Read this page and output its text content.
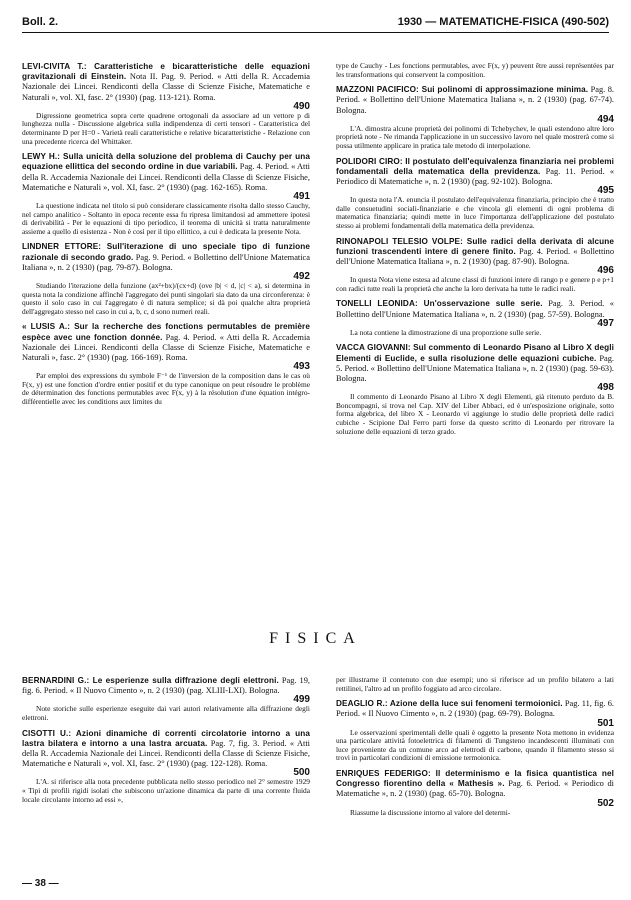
Boll. 2.	1930 — MATEMATICHE-FISICA (490-502)
LEVI-CIVITA T.: Caratteristiche e bicaratteristiche delle equazioni gravitazionali di Einstein. Nota II. Pag. 9. Period. « Atti della R. Accademia Nazionale dei Lincei. Rendiconti della Classe di Scienze Fisiche, Matematiche e Naturali », vol. XI, fasc. 2° (1930) (pag. 113-121). Roma.
490
Digressione geometrica sopra certe quadrene ortogonali da associare ad un vettore p di lunghezza nulla - Discussione algebrica sulla indipendenza di certi tensori - Caratteristica del determinante D per H=0 - Varietà reali caratteristiche e relative bicaratteristiche - Relazione con una precedente ricerca del Whittaker.
LEWY H.: Sulla unicità della soluzione del problema di Cauchy per una equazione ellittica del secondo ordine in due variabili. Pag. 4. Period. « Atti della R. Accademia Nazionale dei Lincei. Rendiconti della Classe di Scienze Fisiche, Matematiche e Naturali », vol. XI, fasc. 2° (1930) (pag. 162-165). Roma.
491
La questione indicata nel titolo si può considerare classicamente risolta dallo stesso Cauchy, nel campo analitico - Soltanto in epoca recente essa fu ripresa limitandosi ad ammettere ipotesi di derivabilità - Per le equazioni di tipo periodico, il teorema di unicità si tratta naturalmente assieme a quello di esistenza - Non è così per il tipo ellittico, a cui è dedicata la presente Nota.
LINDNER ETTORE: Sull'iterazione di uno speciale tipo di funzione razionale di secondo grado. Pag. 9. Period. « Bollettino dell'Unione Matematica Italiana », n. 2 (1930) (pag. 79-87). Bologna.
492
Studiando l'iterazione della funzione (ax²+bx)/(cx+d) (ove |b| < d, |c| < a), si determina in questa nota la condizione affinchè l'aggregato dei punti singolari sia dato da una circonferenza: è questo il solo caso in cui l'aggregato è di natura semplice; si dà poi qualche altra proprietà dell'aggregato stesso nel caso in cui a, b, c, d sono numeri reali.
« LUSIS A.: Sur la recherche des fonctions permutables de première espèce avec une fonction donnée. Pag. 4. Period. « Atti della R. Accademia Nazionale dei Lincei. Rendiconti della Classe di Scienze Fisiche, Matematiche e Naturali », fasc. 2° (1930) (pag. 166-169). Roma.
493
Par emploi des expressions du symbole F⁻¹ de l'inversion de la composition dans le cas où F(x, y) est une fonction d'ordre entier positif et du type canonique on peut résoudre le problème de détermination des fonctions permutables avec F(x, y) à la résolution d'une équation intégro-différentielle avec les conditions aux limites du
type de Cauchy - Les fonctions permutables, avec F(x, y) peuvent être aussi représentées par les transformations qui conservent la composition.
MAZZONI PACIFICO: Sui polinomi di approssimazione minima. Pag. 8. Period. « Bollettino dell'Unione Matematica Italiana », n. 2 (1930) (pag. 67-74). Bologna.
494
L'A. dimostra alcune proprietà dei polinomi di Tchebychev, le quali estendono altre loro proprietà note - Ne rimanda l'applicazione in un successivo lavoro nel quale mostrerà come si possa utilmente applicare in pratica tale metodo di interpolazione.
POLIDORI CIRO: Il postulato dell'equivalenza finanziaria nei problemi fondamentali della matematica della previdenza. Pag. 11. Period. « Periodico di Matematiche », n. 2 (1930) (pag. 92-102). Bologna.
495
In questa nota l'A. enuncia il postulato dell'equivalenza finanziaria, principio che è tratto dalle consuetudini sociali-finanziarie e che vincola gli elementi di ogni problema di matematica finanziaria; quindi mette in luce l'importanza dell'applicazione del postulato stesso ai problemi fondamentali della matematica della previdenza.
RINONAPOLI TELESIO VOLPE: Sulle radici della derivata di alcune funzioni trascendenti intere di genere finito. Pag. 4. Period. « Bollettino dell'Unione Matematica Italiana », n. 2 (1930) (pag. 87-90). Bologna.
496
In questa Nota viene estesa ad alcune classi di funzioni intere di rango p e genere p e p+1 con radici tutte reali la proprietà che anche la loro derivata ha tutte le radici reali.
TONELLI LEONIDA: Un'osservazione sulle serie. Pag. 3. Period. « Bollettino dell'Unione Matematica Italiana », n. 2 (1930) (pag. 57-59). Bologna.
497
La nota contiene la dimostrazione di una proporzione sulle serie.
VACCA GIOVANNI: Sul commento di Leonardo Pisano al Libro X degli Elementi di Euclide, e sulla risoluzione delle equazioni cubiche. Pag. 5. Period. « Bollettino dell'Unione Matematica Italiana », n. 2 (1930) (pag. 59-63). Bologna.
498
Il commento di Leonardo Pisano al Libro X degli Elementi, già ritenuto perduto da B. Boncompagni, si trova nel Cap. XIV del Liber Abbaci, ed è un'esposizione originale, sotto forma algebrica, del libro X - Leonardo vi aggiunge lo studio delle proprietà delle radici cubiche - Scipione Dal Ferro parti forse da questo scritto di Leonardo per ritrovare la soluzione delle equazioni di terzo grado.
FISICA
BERNARDINI G.: Le esperienze sulla diffrazione degli elettroni. Pag. 19, fig. 6. Period. « Il Nuovo Cimento », n. 2 (1930) (pag. XLIII-LXI). Bologna.
499
Note storiche sulle esperienze eseguite dai vari autori relativamente alla diffrazione degli elettroni.
CISOTTI U.: Azioni dinamiche di correnti circolatorie intorno a una lastra bilatera e intorno a una lastra arcuata. Pag. 7, fig. 3. Period. « Atti della R. Accademia Nazionale dei Lincei. Rendiconti della Classe di Scienze Fisiche, Matematiche e Naturali », vol. XI, fasc. 2° (1930) (pag. 122-128). Roma.
500
L'A. si riferisce alla nota precedente pubblicata nello stesso periodico nel 2° semestre 1929 « Tipi di profili rigidi isolati che subiscono un'azione dinamica da parte di una corrente fluida locale circolante intorno ad essi »,
per illustrarne il contenuto con due esempi; uno si riferisce ad un profilo bilatero a lati rettilinei, l'altro ad un profilo foggiato ad arco circolare.
DEAGLIO R.: Azione della luce sui fenomeni termoionici. Pag. 11, fig. 6. Period. « Il Nuovo Cimento », n. 2 (1930) (pag. 69-79). Bologna.
501
Le osservazioni sperimentali delle quali è oggetto la presente Nota mettono in evidenza una particolare attività fotoelettrica di filamenti di Tungsteno incandescenti illuminati con luce proveniente da un comune arco ad elettrodi di carbone, quando il filamento stesso si trovi in particolari condizioni di emissione termoionica.
ENRIQUES FEDERIGO: Il determinismo e la fisica quantistica nel Congresso fiorentino della « Mathesis ». Pag. 6. Period. « Periodico di Matematiche », n. 2 (1930) (pag. 65-70). Bologna.
502
Riassume la discussione intorno al valore del determi-
— 38 —
